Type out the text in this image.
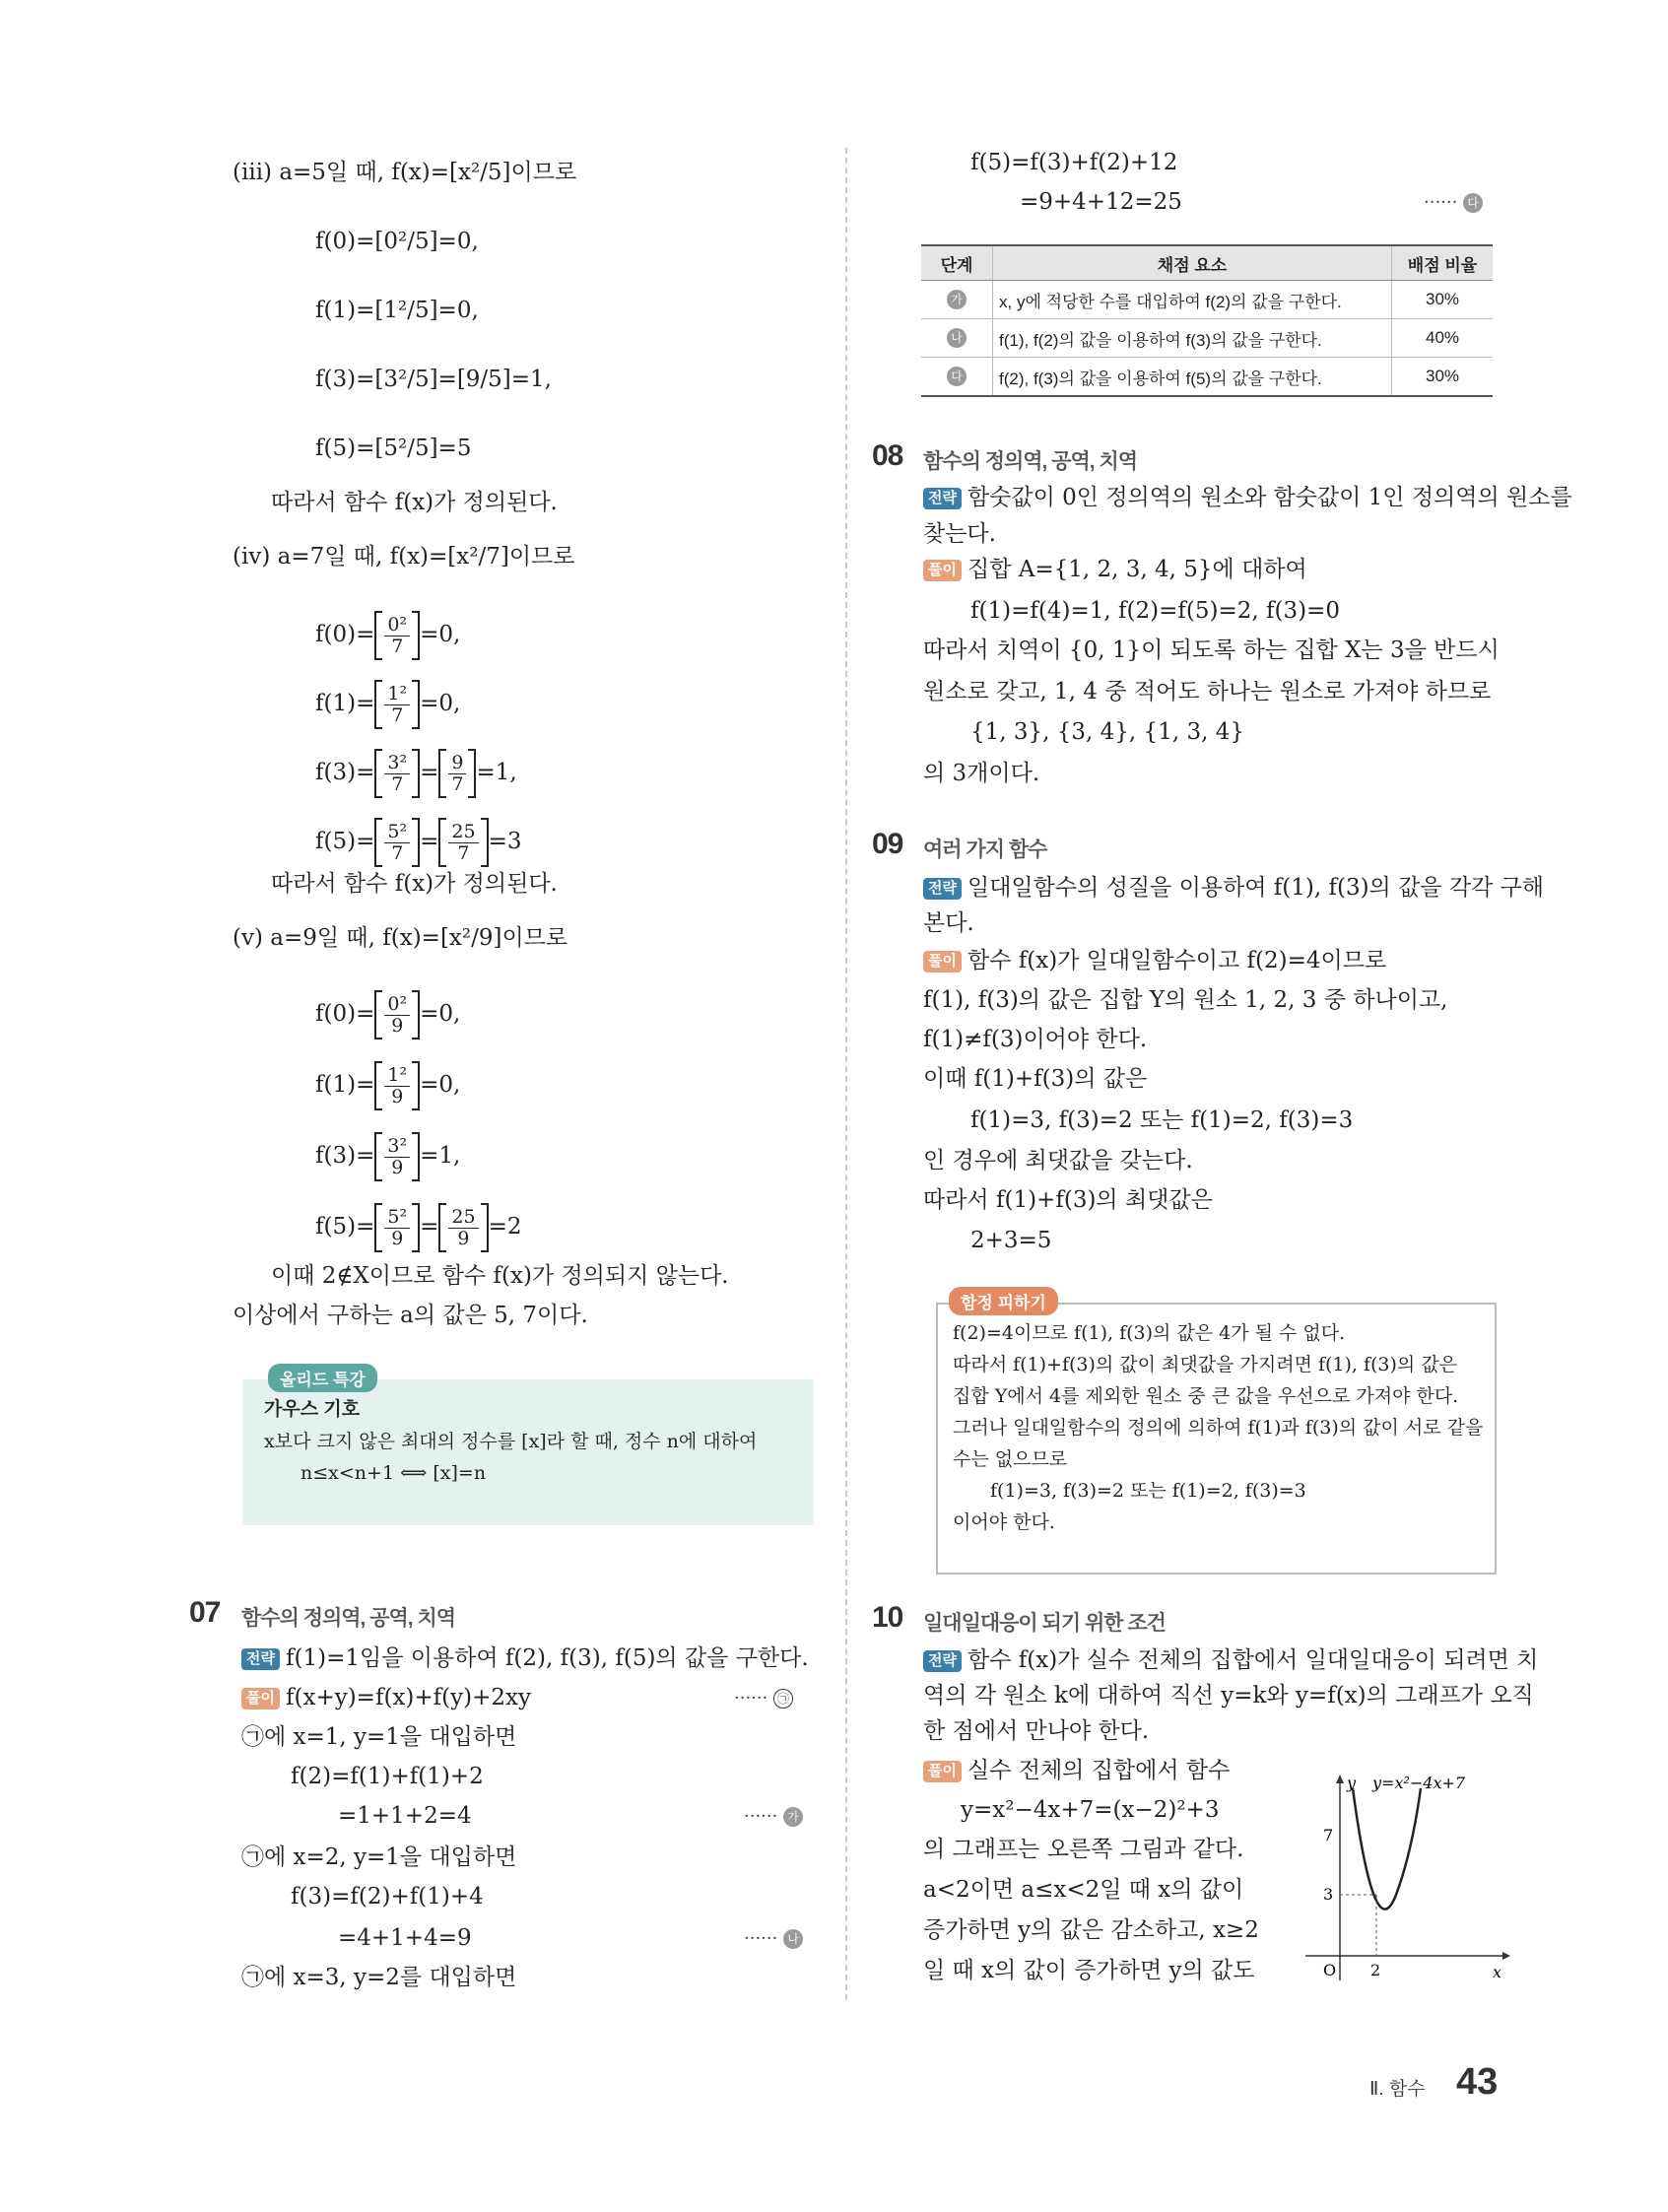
(ⅲ) a=5일 때, f(x)=[x²/5]이므로
f(0)=[0²/5]=0,
f(1)=[1²/5]=0,
f(3)=[3²/5]=[9/5]=1,
f(5)=[5²/5]=5
따라서 함수 f(x)가 정의된다.
(ⅳ) a=7일 때, f(x)=[x²/7]이므로
$f(0)= \frac{\text{0²}}{7} =0$,
$f(1)= \frac{\text{1²}}{7} =0$,
$f(3)= \frac{\text{3²}}{7} = \frac{9}{7} =1$,
$f(5)= \frac{\text{5²}}{7} = \frac{25}{7} =3$
따라서 함수 f(x)가 정의된다.
(ⅴ) a=9일 때, f(x)=[x²/9]이므로
$f(0)= \frac{\text{0²}}{9} =0$,
$f(1)= \frac{\text{1²}}{9} =0$,
$f(3)= \frac{\text{3²}}{9} =1$,
$f(5)= \frac{\text{5²}}{9} = \frac{25}{9} =2$
이때 2∉X이므로 함수 f(x)가 정의되지 않는다.
이상에서 구하는 a의 값은 5, 7이다.
올리드 특강
가우스 기호
x보다 크지 않은 최대의 정수를 [x]라 할 때, 정수 n에 대하여
n≤x<n+1 ⟺ [x]=n
07 함수의 정의역, 공역, 치역
전략 f(1)=1임을 이용하여 f(2), f(3), f(5)의 값을 구한다.
풀이 f(x+y)=f(x)+f(y)+2xy	······ ㉠
㉠에 x=1, y=1을 대입하면
f(2)=f(1)+f(1)+2
=1+1+2=4	······ 가
㉠에 x=2, y=1을 대입하면
f(3)=f(2)+f(1)+4
=4+1+4=9	······ 나
㉠에 x=3, y=2를 대입하면
f(5)=f(3)+f(2)+12
=9+4+12=25	······ 다
단계	채점 요소	배점 비율
가	x, y에 적당한 수를 대입하여 f(2)의 값을 구한다.	30%
나	f(1), f(2)의 값을 이용하여 f(3)의 값을 구한다.	40%
다	f(2), f(3)의 값을 이용하여 f(5)의 값을 구한다.	30%
08 함수의 정의역, 공역, 치역
전략 함숫값이 0인 정의역의 원소와 함숫값이 1인 정의역의 원소를
찾는다.
풀이 집합 A={1, 2, 3, 4, 5}에 대하여
f(1)=f(4)=1, f(2)=f(5)=2, f(3)=0
따라서 치역이 {0, 1}이 되도록 하는 집합 X는 3을 반드시
원소로 갖고, 1, 4 중 적어도 하나는 원소로 가져야 하므로
{1, 3}, {3, 4}, {1, 3, 4}
의 3개이다.
09 여러 가지 함수
전략 일대일함수의 성질을 이용하여 f(1), f(3)의 값을 각각 구해
본다.
풀이 함수 f(x)가 일대일함수이고 f(2)=4이므로
f(1), f(3)의 값은 집합 Y의 원소 1, 2, 3 중 하나이고,
f(1)≠f(3)이어야 한다.
이때 f(1)+f(3)의 값은
f(1)=3, f(3)=2 또는 f(1)=2, f(3)=3
인 경우에 최댓값을 갖는다.
따라서 f(1)+f(3)의 최댓값은
2+3=5
함정 피하기
f(2)=4이므로 f(1), f(3)의 값은 4가 될 수 없다.
따라서 f(1)+f(3)의 값이 최댓값을 가지려면 f(1), f(3)의 값은
집합 Y에서 4를 제외한 원소 중 큰 값을 우선으로 가져야 한다.
그러나 일대일함수의 정의에 의하여 f(1)과 f(3)의 값이 서로 같을
수는 없으므로
f(1)=3, f(3)=2 또는 f(1)=2, f(3)=3
이어야 한다.
10 일대일대응이 되기 위한 조건
전략 함수 f(x)가 실수 전체의 집합에서 일대일대응이 되려면 치
역의 각 원소 k에 대하여 직선 y=k와 y=f(x)의 그래프가 오직
한 점에서 만나야 한다.
풀이 실수 전체의 집합에서 함수
y=x²−4x+7=(x−2)²+3
의 그래프는 오른쪽 그림과 같다.
a<2이면 a≤x<2일 때 x의 값이
증가하면 y의 값은 감소하고, x≥2
일 때 x의 값이 증가하면 y의 값도
7
3
2
O
y
x
y=x²−4x+7
Ⅱ. 함수 43
